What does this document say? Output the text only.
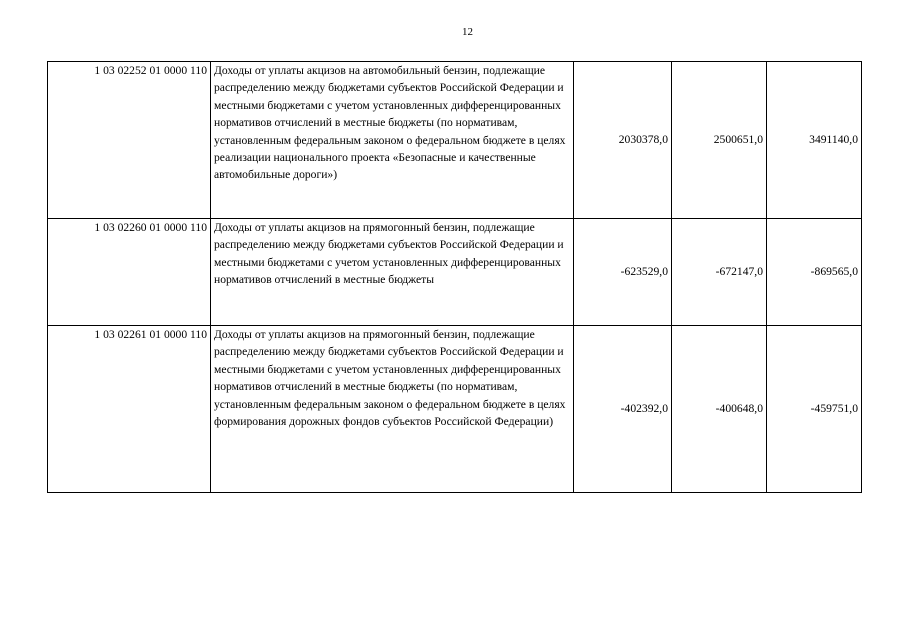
12
1 03 02252 01 0000 110	Доходы от уплаты акцизов на автомобильный бензин, подлежащие распределению между бюджетами субъектов Российской Федерации и местными бюджетами с учетом установленных дифференцированных нормативов отчислений в местные бюджеты (по нормативам, установленным федеральным законом о федеральном бюджете в целях реализации национального проекта «Безопасные и качественные автомобильные дороги»)	2030378,0	2500651,0	3491140,0
1 03 02260 01 0000 110	Доходы от уплаты акцизов на прямогонный бензин, подлежащие распределению между бюджетами субъектов Российской Федерации и местными бюджетами с учетом установленных дифференцированных нормативов отчислений в местные бюджеты	-623529,0	-672147,0	-869565,0
1 03 02261 01 0000 110	Доходы от уплаты акцизов на прямогонный бензин, подлежащие распределению между бюджетами субъектов Российской Федерации и местными бюджетами с учетом установленных дифференцированных нормативов отчислений в местные бюджеты (по нормативам, установленным федеральным законом о федеральном бюджете в целях формирования дорожных фондов субъектов Российской Федерации)	-402392,0	-400648,0	-459751,0
